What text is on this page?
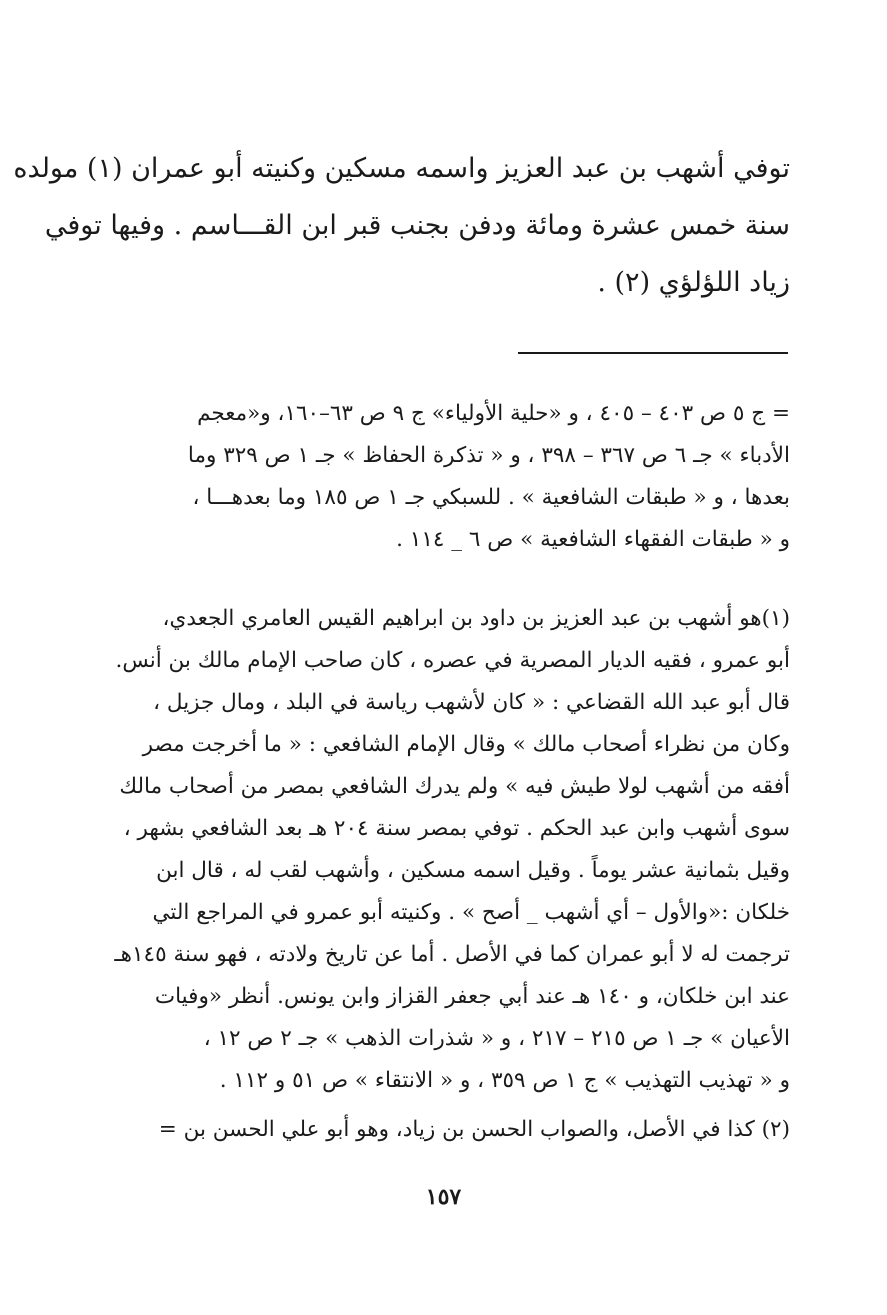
توفي أشهب بن عبد العزيز واسمه مسكين وكنيته أبو عمران (١) مولده
سنة خمس عشرة ومائة ودفن بجنب قبر ابن القـــاسم . وفيها توفي
زياد اللؤلؤي (٢) .
= ج ٥ ص ٤٠٣ – ٤٠٥ ، و «حلية الأولياء» ج ٩ ص ٦٣–١٦٠، و«معجم
الأدباء » جـ ٦ ص ٣٦٧ – ٣٩٨ ، و « تذكرة الحفاظ » جـ ١ ص ٣٢٩ وما
بعدها ، و « طبقات الشافعية » . للسبكي جـ ١ ص ١٨٥ وما بعدهـــا ،
و « طبقات الفقهاء الشافعية » ص ٦ _ ١١٤ .
(١)هو أشهب بن عبد العزيز بن داود بن ابراهيم القيس العامري الجعدي،
أبو عمرو ، فقيه الديار المصرية في عصره ، كان صاحب الإمام مالك بن أنس.
قال أبو عبد الله القضاعي : « كان لأشهب رياسة في البلد ، ومال جزيل ،
وكان من نظراء أصحاب مالك » وقال الإمام الشافعي : « ما أخرجت مصر
أفقه من أشهب لولا طيش فيه » ولم يدرك الشافعي بمصر من أصحاب مالك
سوى أشهب وابن عبد الحكم . توفي بمصر سنة ٢٠٤ هـ بعد الشافعي بشهر ،
وقيل بثمانية عشر يوماً . وقيل اسمه مسكين ، وأشهب لقب له ، قال ابن
خلكان :«والأول – أي أشهب _ أصح » . وكنيته أبو عمرو في المراجع التي
ترجمت له لا أبو عمران كما في الأصل . أما عن تاريخ ولادته ، فهو سنة ١٤٥هـ
عند ابن خلكان، و ١٤٠ هـ عند أبي جعفر القزاز وابن يونس. أنظر «وفيات
الأعيان » جـ ١ ص ٢١٥ – ٢١٧ ، و « شذرات الذهب » جـ ٢ ص ١٢ ،
و « تهذيب التهذيب » ج ١ ص ٣٥٩ ، و « الانتقاء » ص ٥١ و ١١٢ .
(٢) كذا في الأصل، والصواب الحسن بن زياد، وهو أبو علي الحسن بن =
١٥٧
